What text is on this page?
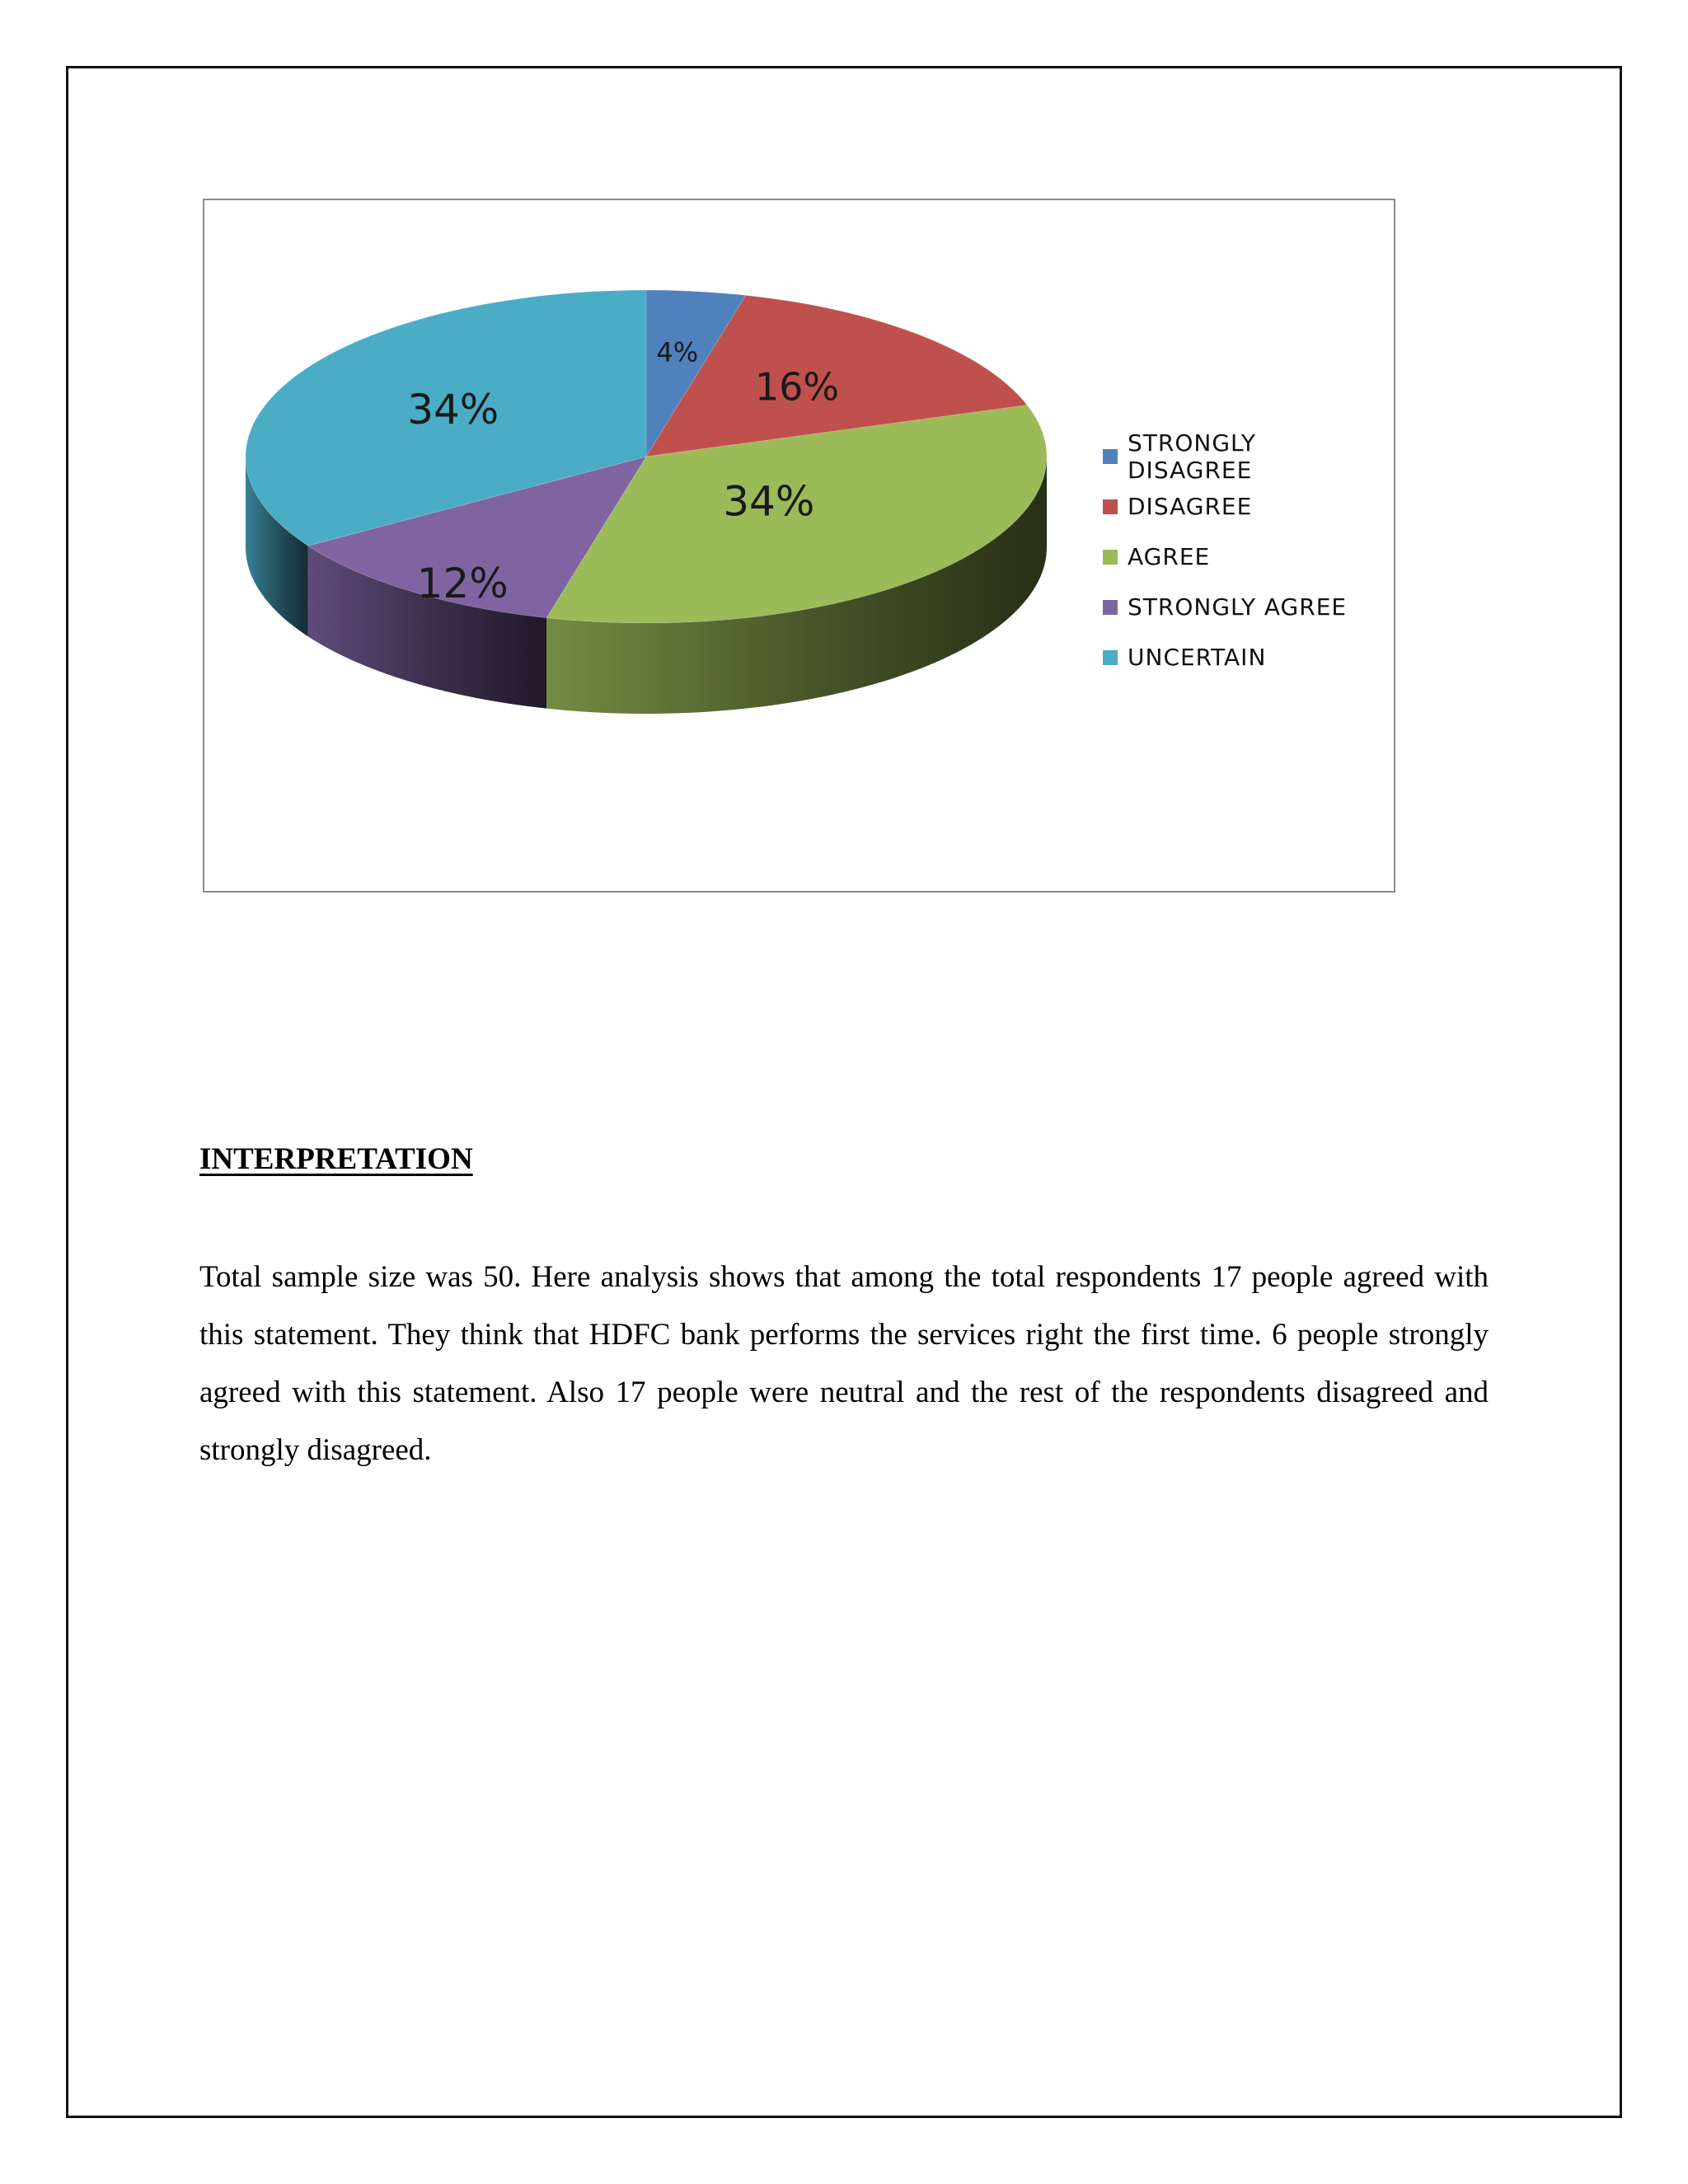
4%
16%
34%
12%
34%
STRONGLY DISAGREE
DISAGREE
AGREE
STRONGLY AGREE
UNCERTAIN
INTERPRETATION

Total sample size was 50. Here analysis shows that among the total respondents 17 people agreed with this statement. They think that HDFC bank performs the services right the first time. 6 people strongly agreed with this statement. Also 17 people were neutral and the rest of the respondents disagreed and strongly disagreed.
